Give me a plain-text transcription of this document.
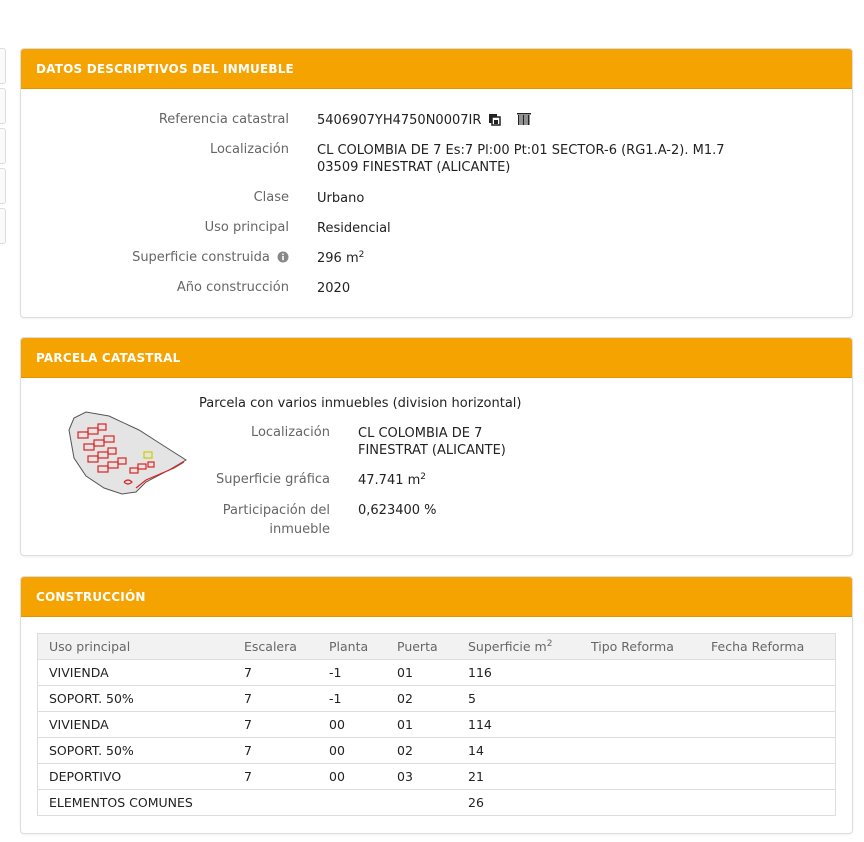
DATOS DESCRIPTIVOS DEL INMUEBLE
Referencia catastral 5406907YH4750N0007IR
Localización CL COLOMBIA DE 7 Es:7 Pl:00 Pt:01 SECTOR-6 (RG1.A-2). M1.7
03509 FINESTRAT (ALICANTE)
Clase Urbano
Uso principal Residencial
Superficie construida	296 $m^2$
Año construcción 2020
PARCELA CATASTRAL
Parcela con varios inmuebles (division horizontal)
Localización CL COLOMBIA DE 7
FINESTRAT (ALICANTE)
Superficie gráfica 47.741 $m^2$
Participación del
inmueble
0,623400 %
CONSTRUCCIÓN
Uso principal	Escalera	Planta	Puerta	Superficie $m^2$	Tipo Reforma	Fecha Reforma
VIVIENDA	7	-1	01	116		
SOPORT. 50%	7	-1	02	5		
VIVIENDA	7	00	01	114		
SOPORT. 50%	7	00	02	14		
DEPORTIVO	7	00	03	21		
ELEMENTOS COMUNES				26		
